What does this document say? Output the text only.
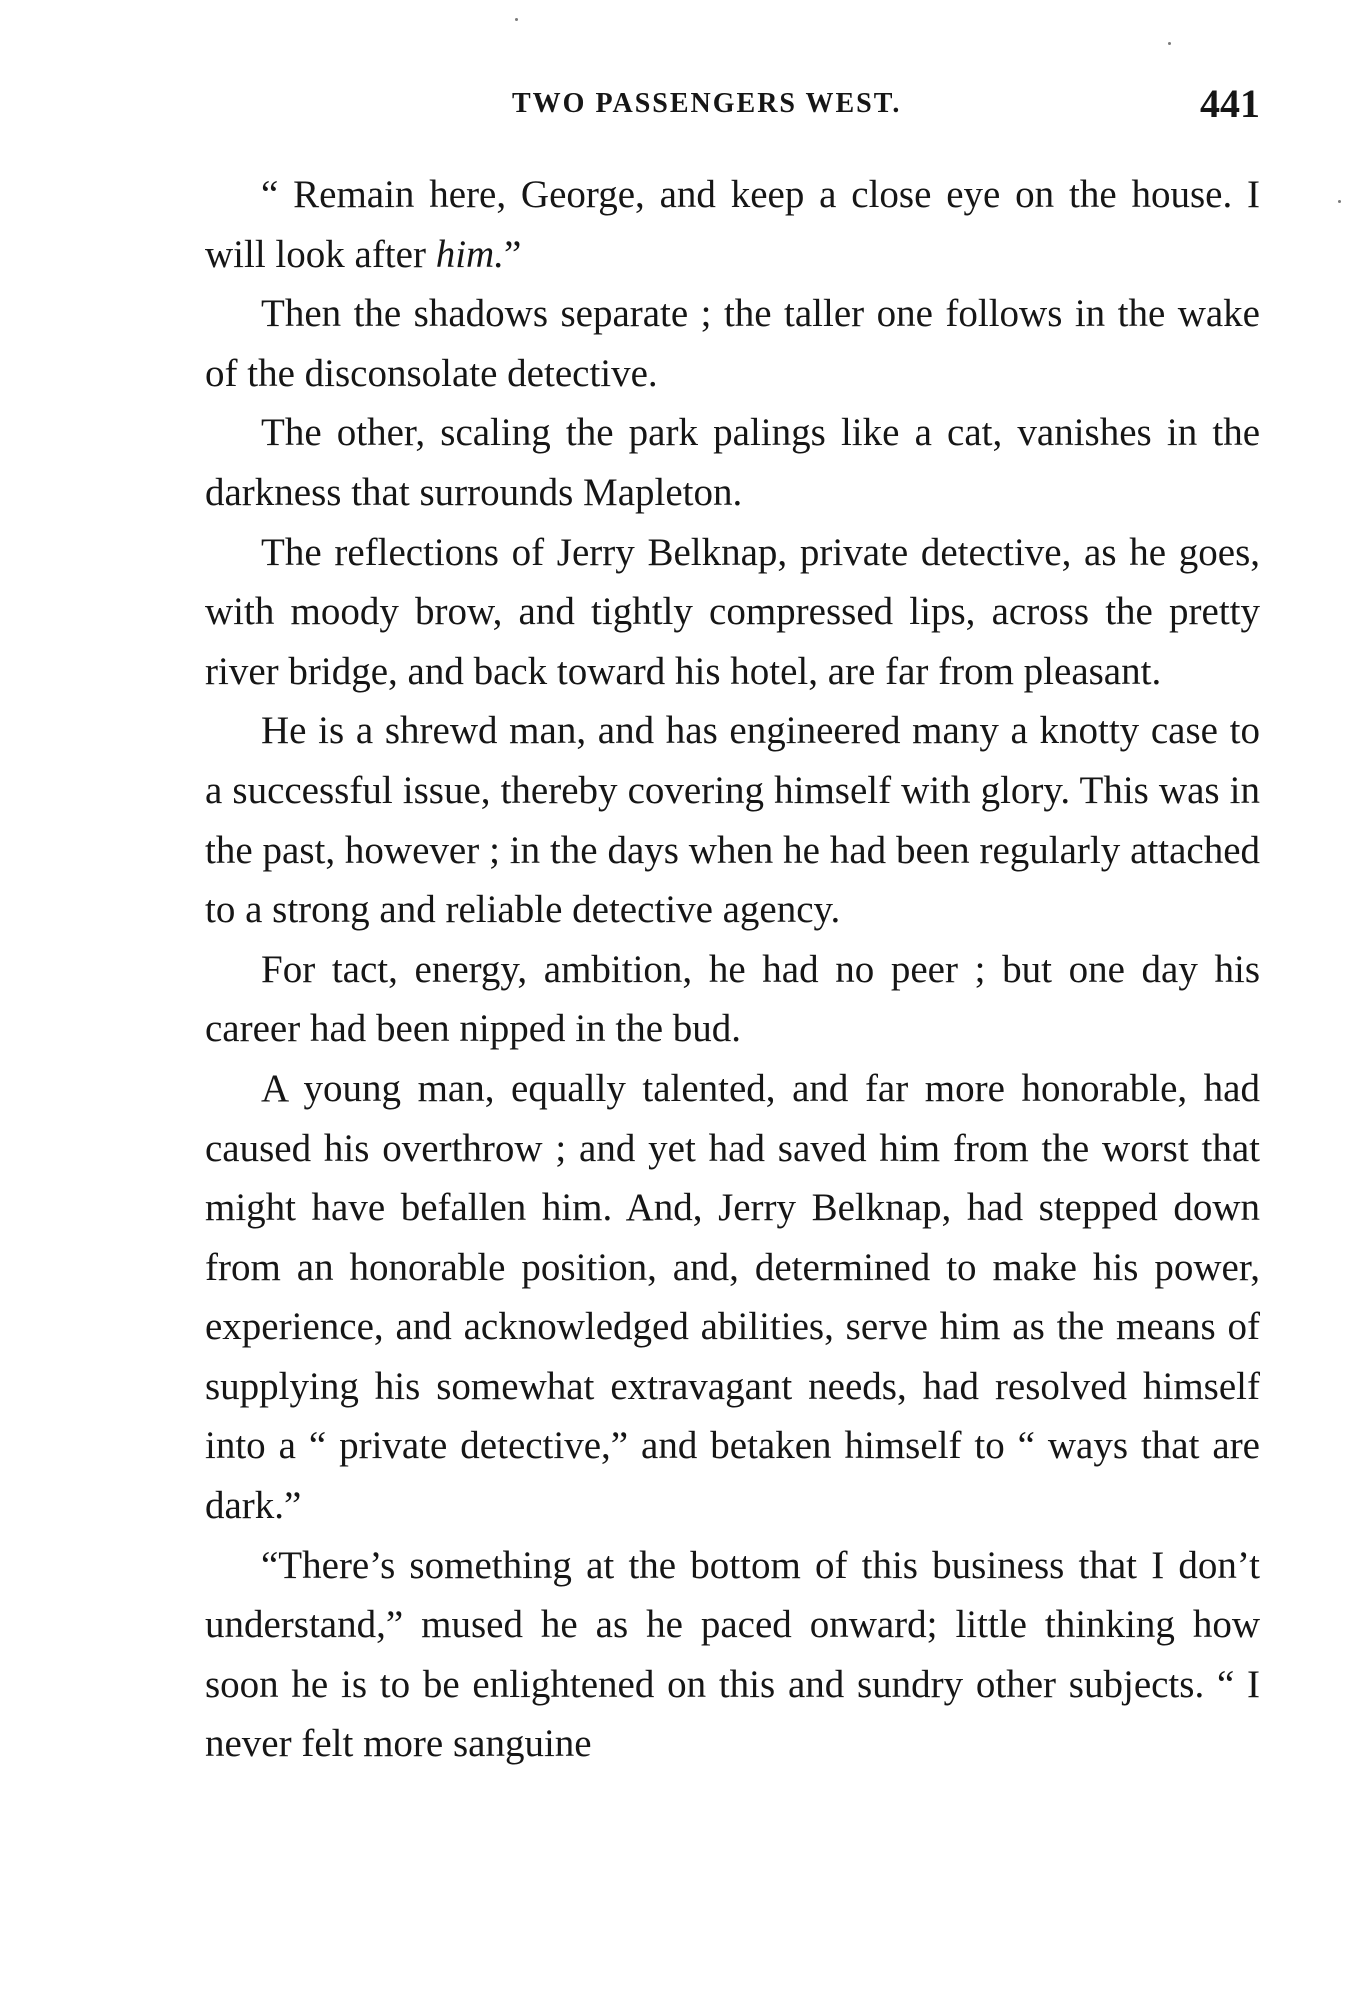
TWO PASSENGERS WEST.	441

“ Remain here, George, and keep a close eye on the house. I will look after him.”

Then the shadows separate ; the taller one follows in the wake of the disconsolate detective.

The other, scaling the park palings like a cat, vanishes in the darkness that surrounds Mapleton.

The reflections of Jerry Belknap, private detective, as he goes, with moody brow, and tightly compressed lips, across the pretty river bridge, and back toward his hotel, are far from pleasant.

He is a shrewd man, and has engineered many a knotty case to a successful issue, thereby covering himself with glory. This was in the past, however ; in the days when he had been regularly attached to a strong and reliable detective agency.

For tact, energy, ambition, he had no peer ; but one day his career had been nipped in the bud.

A young man, equally talented, and far more honorable, had caused his overthrow ; and yet had saved him from the worst that might have befallen him. And, Jerry Belknap, had stepped down from an honorable position, and, determined to make his power, experience, and acknowledged abilities, serve him as the means of supplying his somewhat extravagant needs, had resolved himself into a “ private detective,” and betaken himself to “ ways that are dark.”

“There’s something at the bottom of this business that I don’t understand,” mused he as he paced onward; little thinking how soon he is to be enlightened on this and sundry other subjects. “ I never felt more sanguine
